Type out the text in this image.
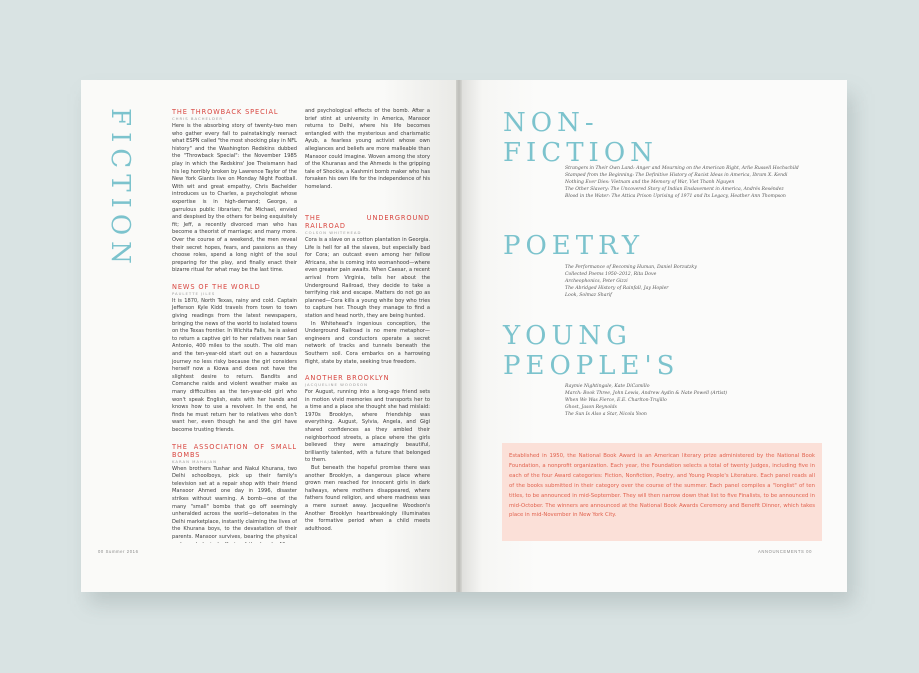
FICTION	THE THROWBACK SPECIAL
CHRIS BACHELDER

Here is the absorbing story of twenty-two men who gather every fall to painstakingly reenact what ESPN called "the most shocking play in NFL history" and the Washington Redskins dubbed the "Throwback Special": the November 1985 play in which the Redskins' Joe Theismann had his leg horribly broken by Lawrence Taylor of the New York Giants live on Monday Night Football. With wit and great empathy, Chris Bachelder introduces us to Charles, a psychologist whose expertise is in high-demand; George, a garrulous public librarian; Fat Michael, envied and despised by the others for being exquisitely fit; Jeff, a recently divorced man who has become a theorist of marriage; and many more. Over the course of a weekend, the men reveal their secret hopes, fears, and passions as they choose roles, spend a long night of the soul preparing for the play, and finally enact their bizarre ritual for what may be the last time.

NEWS OF THE WORLD
PAULETTE JILES

It is 1870, North Texas, rainy and cold. Captain Jefferson Kyle Kidd travels from town to town giving readings from the latest newspapers, bringing the news of the world to isolated towns on the Texas frontier. In Wichita Falls, he is asked to return a captive girl to her relatives near San Antonio, 400 miles to the south. The old man and the ten-year-old start out on a hazardous journey no less risky because the girl considers herself now a Kiowa and does not have the slightest desire to return. Bandits and Comanche raids and violent weather make as many difficulties as the ten-year-old girl who won't speak English, eats with her hands and knows how to use a revolver. In the end, he finds he must return her to relatives who don't want her, even though he and the girl have become trusting friends.

THE ASSOCIATION OF SMALL BOMBS
KARAN MAHAJAN

When brothers Tushar and Nakul Khurana, two Delhi schoolboys, pick up their family's television set at a repair shop with their friend Mansoor Ahmed one day in 1996, disaster strikes without warning. A bomb—one of the many "small" bombs that go off seemingly unheralded across the world—detonates in the Delhi marketplace, instantly claiming the lives of the Khurana boys, to the devastation of their parents. Mansoor survives, bearing the physical

and psychological effects of the bomb. After a brief stint at university in America, Mansoor returns to Delhi, where his life becomes entangled with the mysterious and charismatic Ayub, a fearless young activist whose own allegiances and beliefs are more malleable than Mansoor could imagine. Woven among the story of the Khuranas and the Ahmeds is the gripping tale of Shockie, a Kashmiri bomb maker who has forsaken his own life for the independence of his homeland.

THE UNDERGROUND RAILROAD
COLSON WHITEHEAD

Cora is a slave on a cotton plantation in Georgia. Life is hell for all the slaves, but especially bad for Cora; an outcast even among her fellow Africans, she is coming into womanhood—where even greater pain awaits. When Caesar, a recent arrival from Virginia, tells her about the Underground Railroad, they decide to take a terrifying risk and escape. Matters do not go as planned—Cora kills a young white boy who tries to capture her. Though they manage to find a station and head north, they are being hunted.

In Whitehead's ingenious conception, the Underground Railroad is no mere metaphor—engineers and conductors operate a secret network of tracks and tunnels beneath the Southern soil. Cora embarks on a harrowing flight, state by state, seeking true freedom.

ANOTHER BROOKLYN
JACQUELINE WOODSON

For August, running into a long-ago friend sets in motion vivid memories and transports her to a time and a place she thought she had mislaid: 1970s Brooklyn, where friendship was everything. August, Sylvia, Angela, and Gigi shared confidences as they ambled their neighborhood streets, a place where the girls believed they were amazingly beautiful, brilliantly talented, with a future that belonged to them.

But beneath the hopeful promise there was another Brooklyn, a dangerous place where grown men reached for innocent girls in dark hallways, where mothers disappeared, where fathers found religion, and where madness was a mere sunset away. Jacqueline Woodson's Another Brooklyn heartbreakingly illuminates the formative period when a child meets adulthood.

00 Summer 2016	ANNOUNCEMENTS 00
NON-
FICTION
Strangers in Their Own Land: Anger and Mourning on the American Right, Arlie Russell Hochschild
Stamped from the Beginning: The Definitive History of Racist Ideas in America, Ibram X. Kendi
Nothing Ever Dies: Vietnam and the Memory of War, Viet Thanh Nguyen
The Other Slavery: The Uncovered Story of Indian Enslavement in America, Andrés Reséndez
Blood in the Water: The Attica Prison Uprising of 1971 and Its Legacy, Heather Ann Thompson
POETRY
The Performance of Becoming Human, Daniel Borzutzky
Collected Poems 1950–2012, Rita Dove
Archeophonics, Peter Gizzi
The Abridged History of Rainfall, Jay Hopler
Look, Solmaz Sharif
YOUNG
PEOPLE'S
Raymie Nightingale, Kate DiCamillo
March: Book Three, John Lewis, Andrew Aydin & Nate Powell (Artist)
When We Was Fierce, E.E. Charlton-Trujillo
Ghost, Jason Reynolds
The Sun Is Also a Star, Nicola Yoon

Established in 1950, the National Book Award is an American literary prize administered by the National Book Foundation, a nonprofit organization. Each year, the Foundation selects a total of twenty Judges, including five in each of the four Award categories: Fiction, Nonfiction, Poetry, and Young People's Literature. Each panel reads all of the books submitted in their category over the course of the summer. Each panel compiles a "longlist" of ten titles, to be announced in mid-September. They will then narrow down that list to five Finalists, to be announced in mid-October. The winners are announced at the National Book Awards Ceremony and Benefit Dinner, which takes place in mid-November in New York City.
